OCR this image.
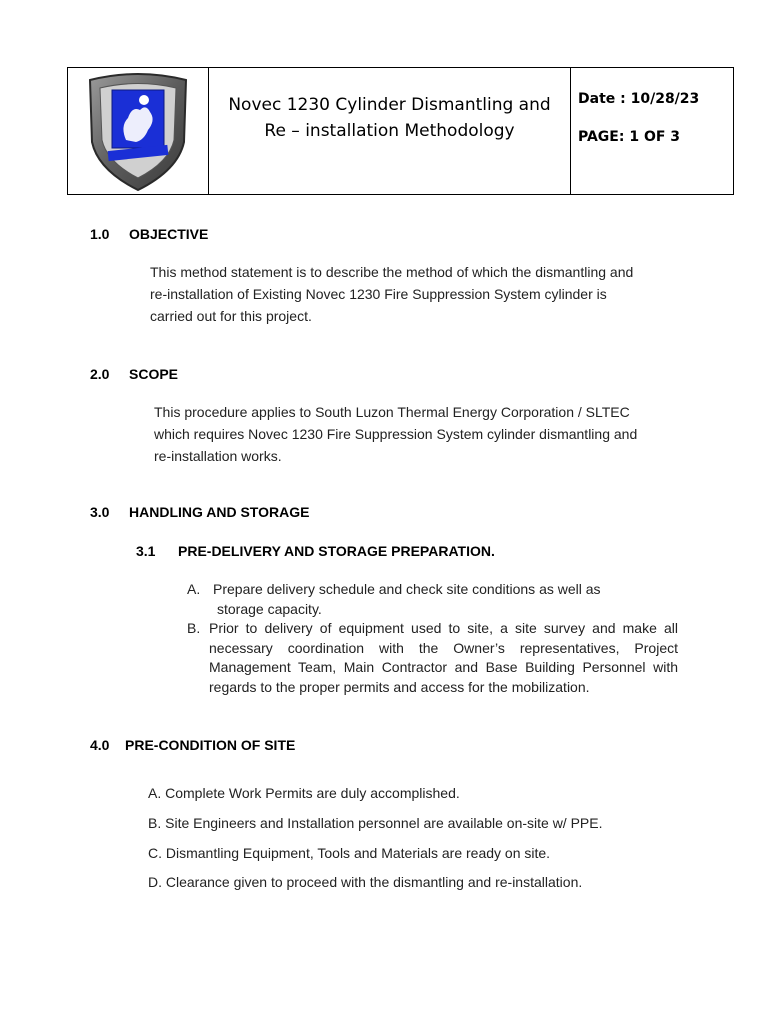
Novec 1230 Cylinder Dismantling and
Re – installation Methodology
Date : 10/28/23
PAGE: 1 OF 3
1.0 OBJECTIVE
This method statement is to describe the method of which the dismantling and
re-installation of Existing Novec 1230 Fire Suppression System cylinder is
carried out for this project.
2.0 SCOPE
This procedure applies to South Luzon Thermal Energy Corporation / SLTEC
which requires Novec 1230 Fire Suppression System cylinder dismantling and
re-installation works.
3.0 HANDLING AND STORAGE
3.1 PRE-DELIVERY AND STORAGE PREPARATION.
A. Prepare delivery schedule and check site conditions as well as
storage capacity.
B. Prior to delivery of equipment used to site, a site survey and make all
necessary coordination with the Owner’s representatives, Project
Management Team, Main Contractor and Base Building Personnel with
regards to the proper permits and access for the mobilization.
4.0 PRE-CONDITION OF SITE
A. Complete Work Permits are duly accomplished.
B. Site Engineers and Installation personnel are available on-site w/ PPE.
C. Dismantling Equipment, Tools and Materials are ready on site.
D. Clearance given to proceed with the dismantling and re-installation.
